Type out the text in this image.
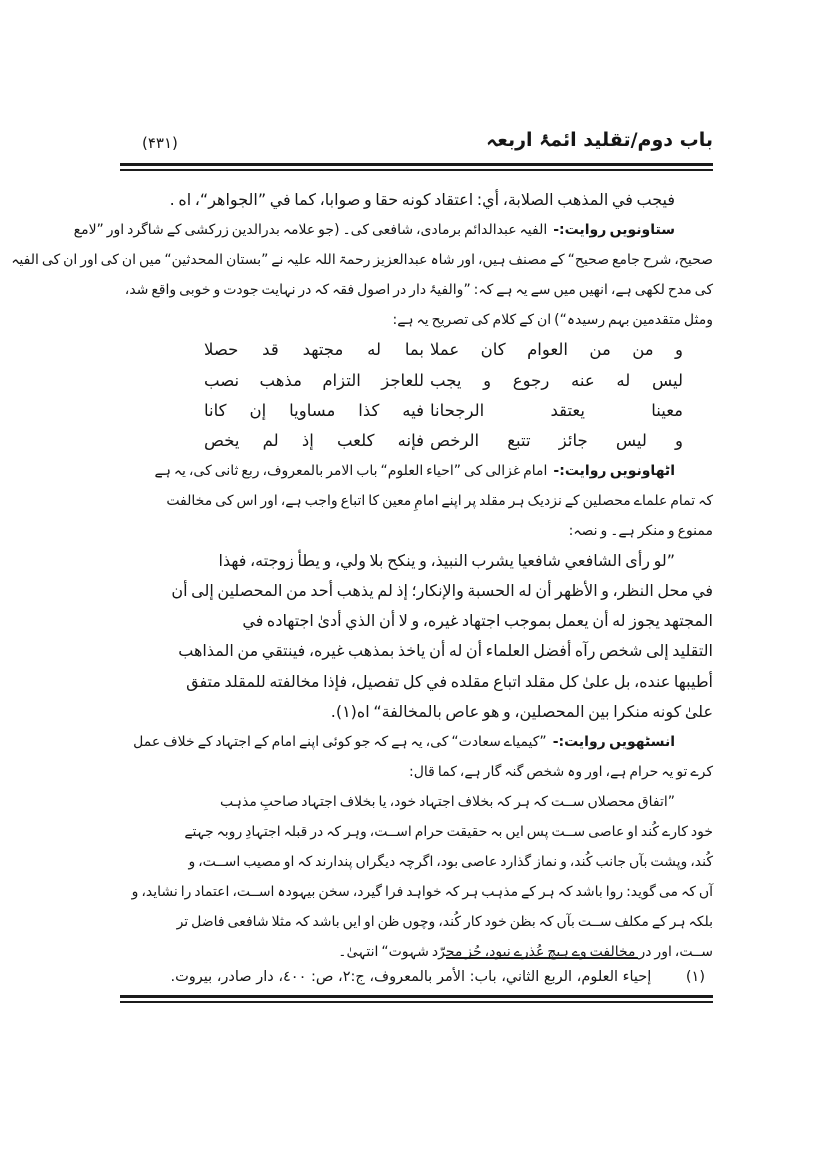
باب دوم/تقلید ائمۂ اربعہ
(۴۳۱)
فيجب في المذهب الصلابة، أي: اعتقاد كونه حقا و صوابا، كما في ”الجواهر“، اه .
ستاونویں روایت:-الفیہ عبدالدائم برمادی، شافعی کی۔ (جو علامہ بدرالدین زرکشی کے شاگرد اور ”لامع
صحیح، شرح جامع صحیح“ کے مصنف ہیں، اور شاہ عبدالعزیز رحمۃ اللہ علیہ نے ”بستان المحدثین“ میں ان کی اور ان کی الفیہ
کی مدح لکھی ہے، انھیں میں سے یہ ہے کہ: ”والفیۂ دار در اصول فقہ کہ در نہایت جودت و خوبی واقع شد،
ومثل متقدمین بہم رسیدہ“) ان کے کلام کی تصریح یہ ہے:
و من من العوام كان عملا
بما له مجتهد قد حصلا
ليس له عنه رجوع و يجب
للعاجز التزام مذهب نصب
معينا يعتقد الرجحانا
فيه كذا مساويا إن كانا
و ليس جائز تتبع الرخص
فإنه كلعب إذ لم يخص
اٹھاونویں روایت:-امام غزالی کی ”احیاء العلوم“ باب الامر بالمعروف، ربع ثانی کی، یہ ہے
کہ تمام علماے محصلین کے نزدیک ہر مقلد پر اپنے امامِ معین کا اتباع واجب ہے، اور اس کی مخالفت
ممنوع و منکر ہے۔ و نصہ:
”لو رأى الشافعي شافعيا يشرب النبيذ، و ينكح بلا ولي، و يطأ زوجته، فهذا
في محل النظر، و الأظهر أن له الحسبة والإنكار؛ إذ لم يذهب أحد من المحصلين إلى أن
المجتهد يجوز له أن يعمل بموجب اجتهاد غيره، و لا أن الذي أدىٰ اجتهاده في
التقليد إلى شخص رآه أفضل العلماء أن له أن ياخذ بمذهب غيره، فينتقي من المذاهب
أطيبها عنده، بل علىٰ كل مقلد اتباع مقلده في كل تفصيل، فإذا مخالفته للمقلد متفق
علىٰ كونه منكرا بين المحصلين، و هو عاص بالمخالفة“ اه(۱).
انسٹھویں روایت:-”کیمیاے سعادت“ کی، یہ ہے کہ جو کوئی اپنے امام کے اجتہاد کے خلاف عمل
کرے تو یہ حرام ہے، اور وہ شخص گنہ گار ہے، کما قال:
”اتفاق محصلاں ســت کہ ہر کہ بخلاف اجتہاد خود، یا بخلاف اجتہاد صاحبِ مذہب
خود کارے کُند او عاصی ســت پس ایں بہ حقیقت حرام اســت، وہر کہ در قبلہ اجتہادِ روبہ جہتے
کُند، وپشت بآں جانب کُند، و نماز گذارد عاصی بود، اگرچہ دیگراں پندارند کہ او مصیب اســت، و
آں کہ می گوید: روا باشد کہ ہر کے مذہب ہر کہ خواہد فرا گیرد، سخن بیہودہ اســت، اعتماد را نشاید، و
بلکہ ہر کے مکلف ســت بآں کہ بظن خود کار کُند، وچوں ظن او ایں باشد کہ مثلا شافعی فاضل تر
ســت، اور در مخالفت وے ہیچ عُذرے نبود، جُز مجرّد شہوت“ انتہیٰ۔
(۱) إحياء العلوم، الربع الثاني، باب: الأمر بالمعروف، ج:٢، ص: ٤٠٠، دار صادر، بيروت.
